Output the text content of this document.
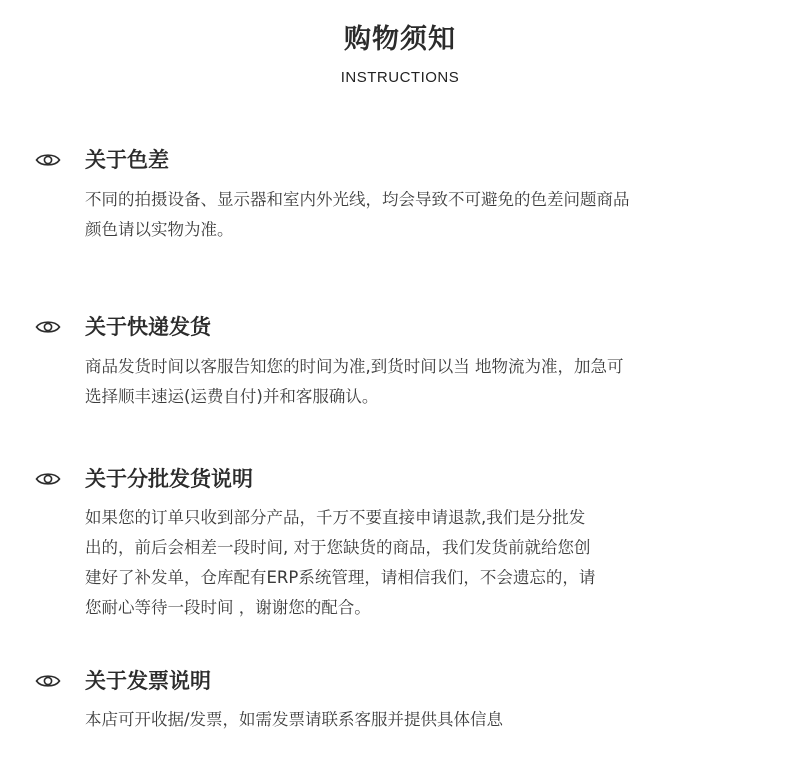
购物须知
INSTRUCTIONS
关于色差
不同的拍摄设备、显示器和室内外光线，均会导致不可避免的色差问题商品
颜色请以实物为准。
关于快递发货
商品发货时间以客服告知您的时间为准,到货时间以当 地物流为准，加急可
选择顺丰速运(运费自付)并和客服确认。
关于分批发货说明
如果您的订单只收到部分产品，千万不要直接申请退款,我们是分批发
出的，前后会相差一段时间, 对于您缺货的商品，我们发货前就给您创
建好了补发单，仓库配有ERP系统管理，请相信我们，不会遗忘的，请
您耐心等待一段时间 ，谢谢您的配合。
关于发票说明
本店可开收据/发票，如需发票请联系客服并提供具体信息
